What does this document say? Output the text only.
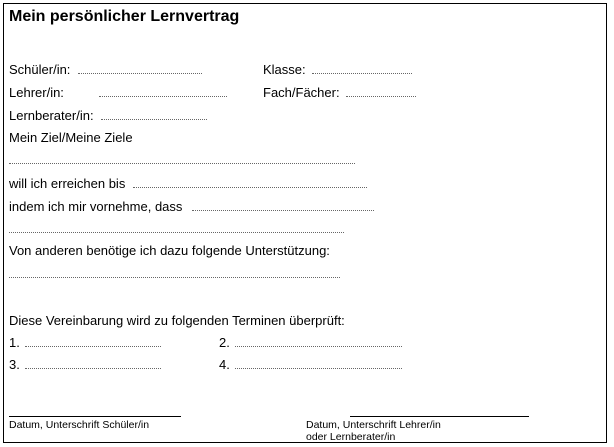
Mein persönlicher Lernvertrag
Schüler/in:	Klasse:
Lehrer/in:	Fach/Fächer:
Lernberater/in:
Mein Ziel/Meine Ziele
will ich erreichen bis
indem ich mir vornehme, dass
Von anderen benötige ich dazu folgende Unterstützung:
Diese Vereinbarung wird zu folgenden Terminen überprüft:
1.	2.
3.	4.
Datum, Unterschrift Schüler/in	Datum, Unterschrift Lehrer/in
oder Lernberater/in
